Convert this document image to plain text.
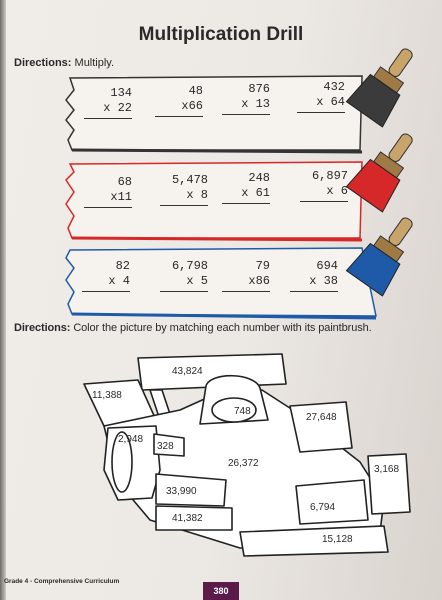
Multiplication Drill
Directions: Multiply.
134
x 22
48
x66
876
x 13
432
x 64
68
x11
5,478
x 8
248
x 61
6,897
x 6
82
x 4
6,798
x 5
79
x86
694
x 38
Directions: Color the picture by matching each number with its paintbrush.
43,824
11,388
748
27,648
2,948
328
26,372
3,168
33,990
6,794
41,382
15,128
Grade 4 - Comprehensive Curriculum
380
